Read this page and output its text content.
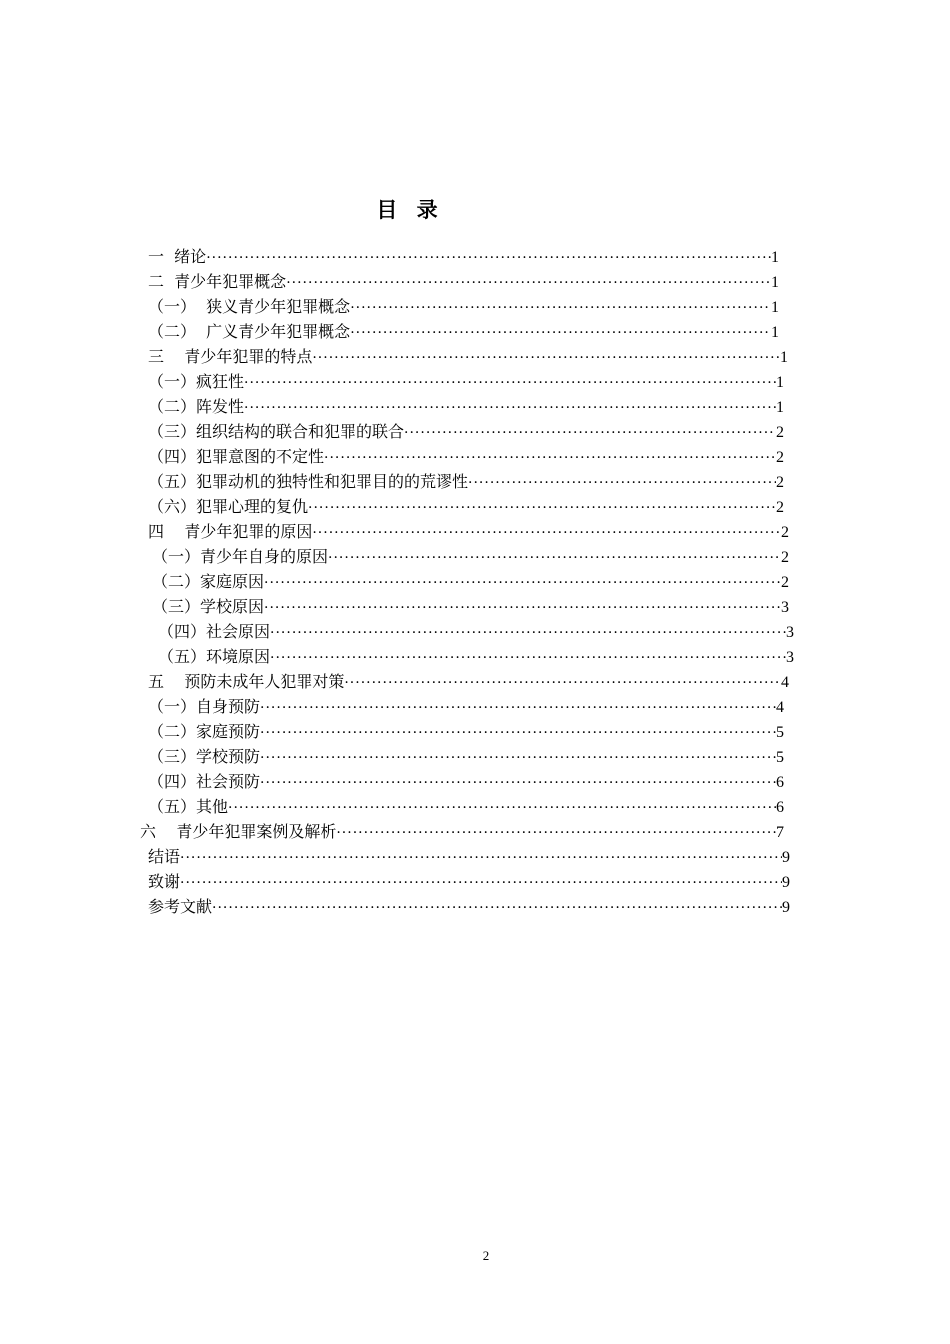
目 录
一  绪论 ·····	1
二  青少年犯罪概念 ·····	1
（一）  狭义青少年犯罪概念 ·····	1
（二）  广义青少年犯罪概念 ·····	1
三    青少年犯罪的特点 ·····	1
（一）疯狂性 ·····	1
（二）阵发性 ·····	1
（三）组织结构的联合和犯罪的联合 ·····	2
（四）犯罪意图的不定性 ·····	2
（五）犯罪动机的独特性和犯罪目的的荒谬性 ·····	2
（六）犯罪心理的复仇 ·····	2
四    青少年犯罪的原因 ·····	2
（一）青少年自身的原因 ·····	2
（二）家庭原因 ·····	2
（三）学校原因 ·····	3
（四）社会原因 ·····	3
（五）环境原因 ·····	3
五    预防未成年人犯罪对策 ·····	4
（一）自身预防 ·····	4
（二）家庭预防 ·····	5
（三）学校预防 ·····	5
（四）社会预防 ·····	6
（五）其他 ·····	6
六    青少年犯罪案例及解析 ·····	7
结语 ·····	9
致谢 ·····	9
参考文献 ·····	9
2
